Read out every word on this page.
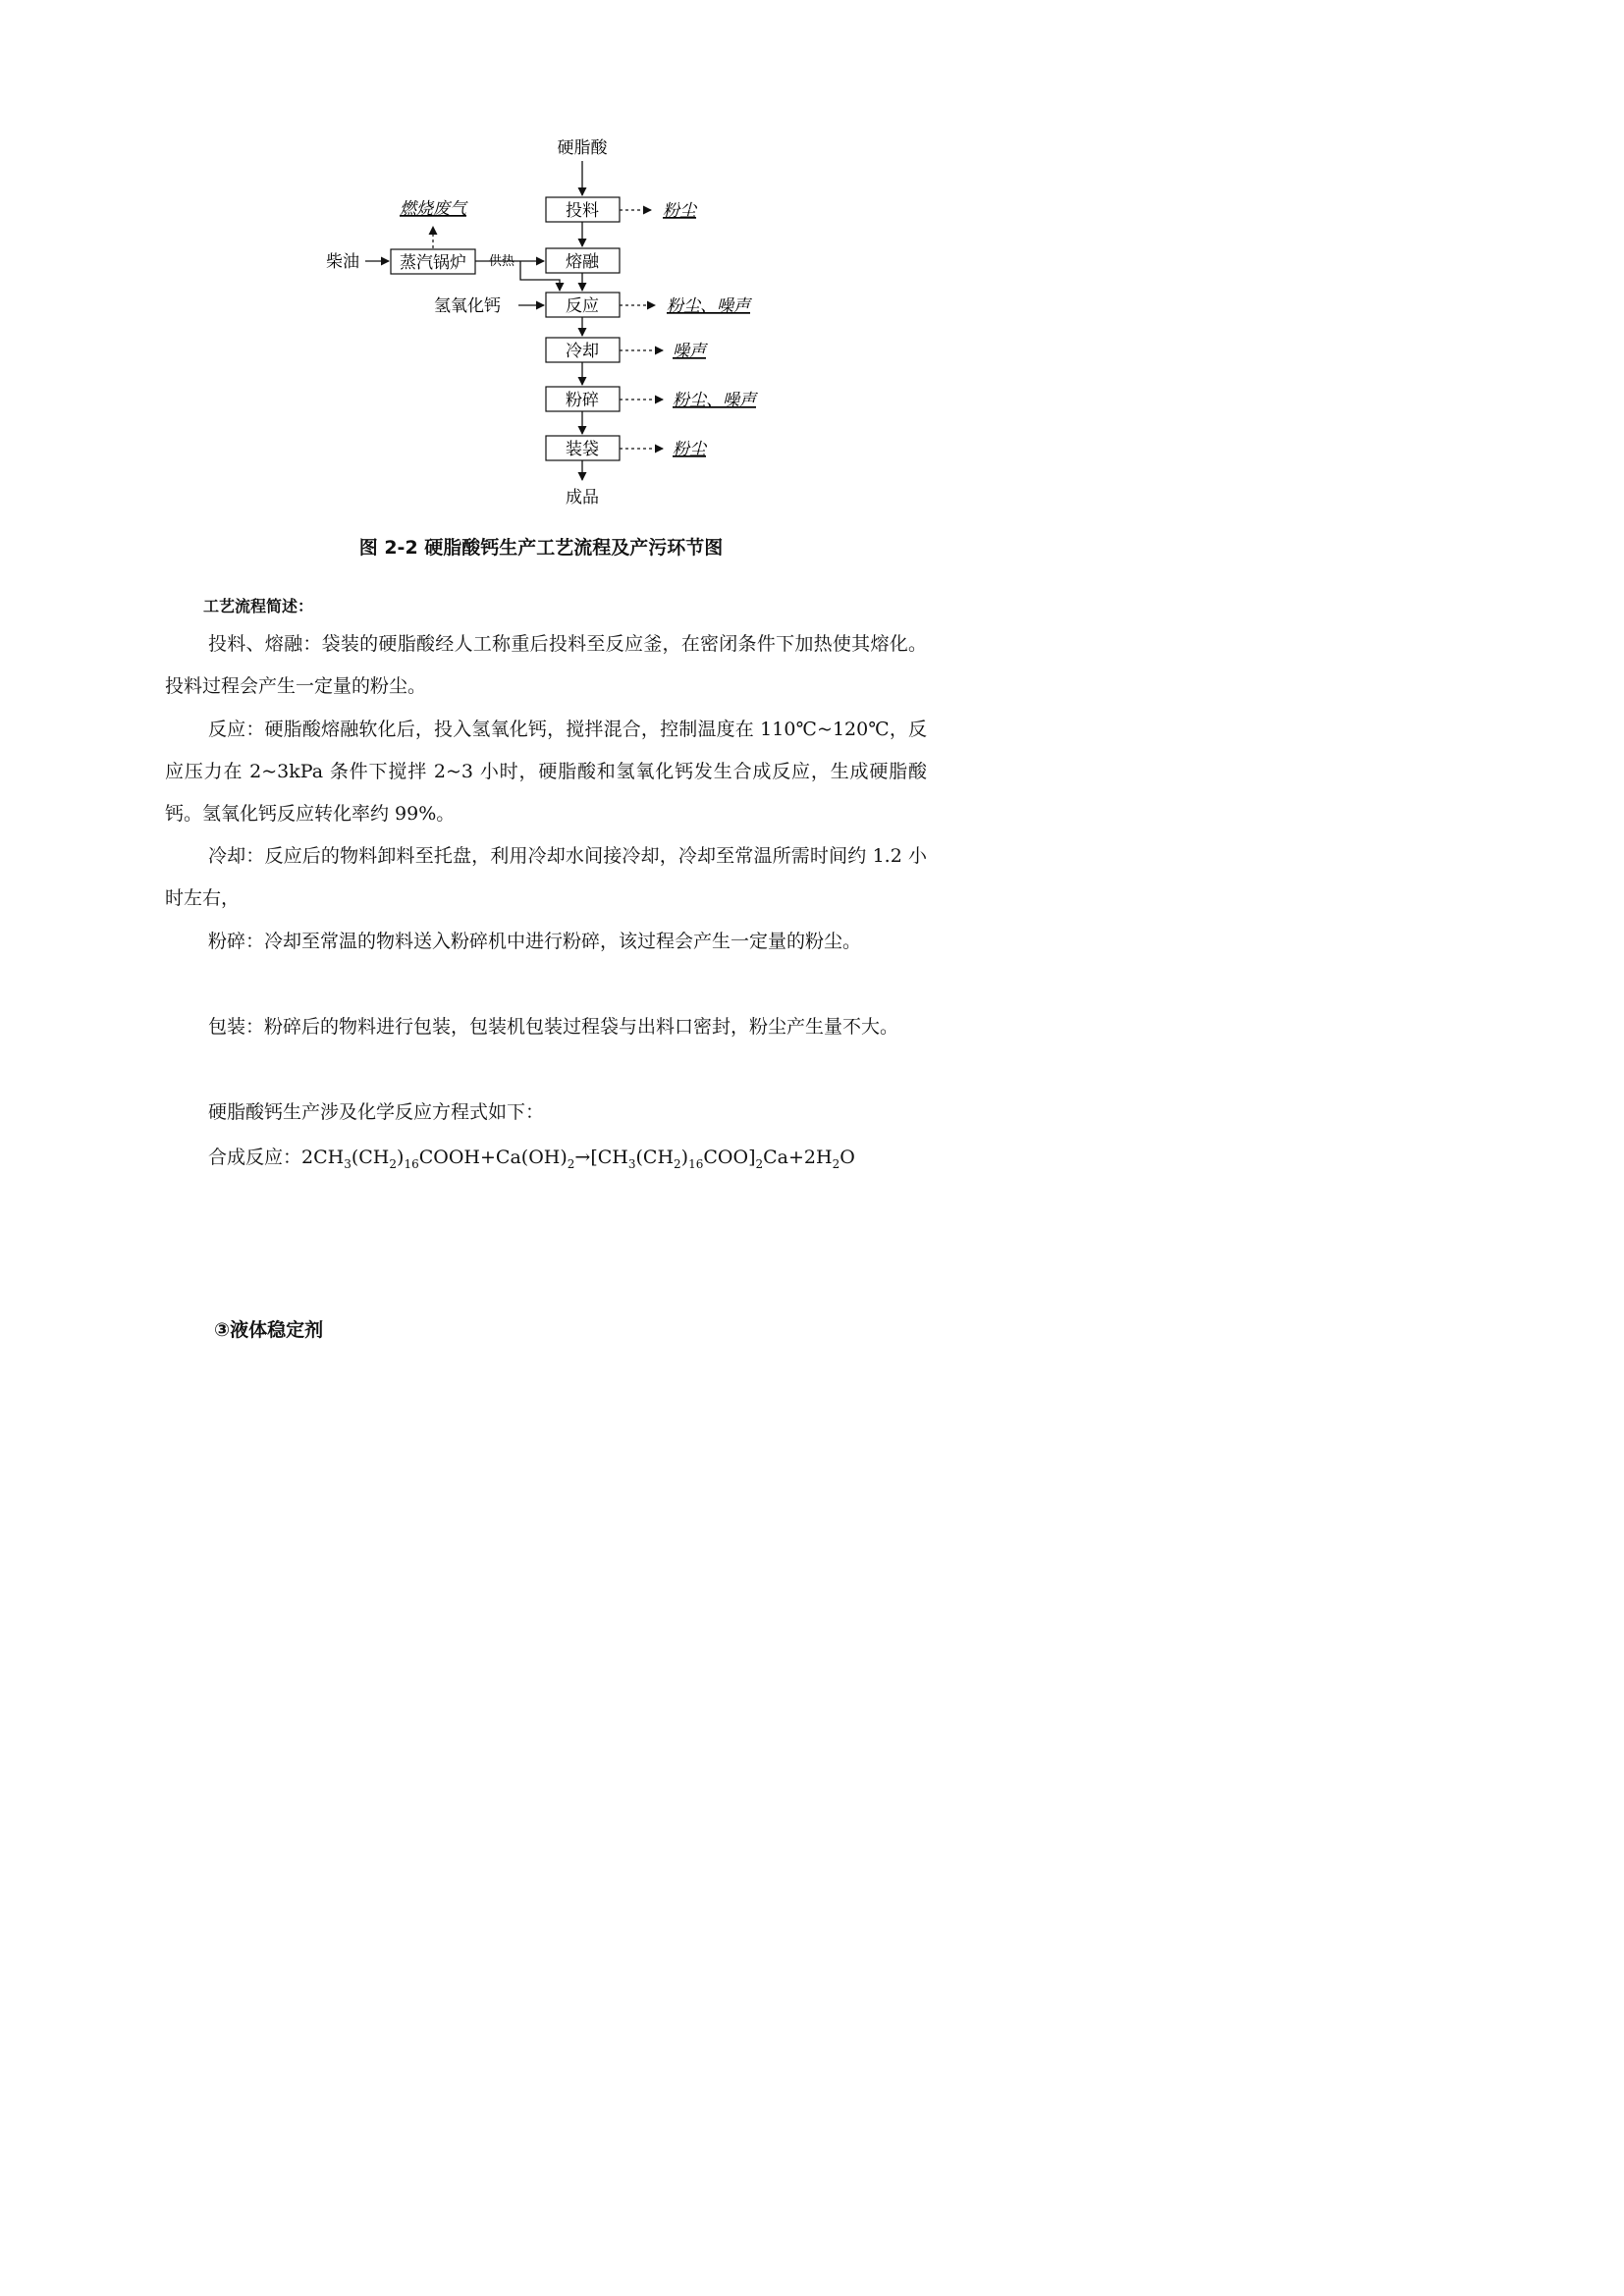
硬脂酸
投料
熔融
反应
冷却
粉碎
装袋
成品
粉尘
粉尘、噪声
噪声
粉尘、噪声
粉尘
燃烧废气
柴油 蒸汽锅炉 供热
氢氧化钙
图 2-2 硬脂酸钙生产工艺流程及产污环节图
工艺流程简述：

投料、熔融：袋装的硬脂酸经人工称重后投料至反应釜，在密闭条件下加热使其熔化。投料过程会产生一定量的粉尘。

反应：硬脂酸熔融软化后，投入氢氧化钙，搅拌混合，控制温度在 110℃~120℃，反应压力在 2~3kPa 条件下搅拌 2~3 小时，硬脂酸和氢氧化钙发生合成反应，生成硬脂酸钙。氢氧化钙反应转化率约 99%。

冷却：反应后的物料卸料至托盘，利用冷却水间接冷却，冷却至常温所需时间约 1.2 小时左右，

粉碎：冷却至常温的物料送入粉碎机中进行粉碎，该过程会产生一定量的粉尘。

包装：粉碎后的物料进行包装，包装机包装过程袋与出料口密封，粉尘产生量不大。

硬脂酸钙生产涉及化学反应方程式如下：

合成反应：$2CH_3(CH_2)_{16}COOH+Ca(OH)_2\to[CH_3(CH_2)_{16}COO]_2Ca+2H_2O$
③液体稳定剂
